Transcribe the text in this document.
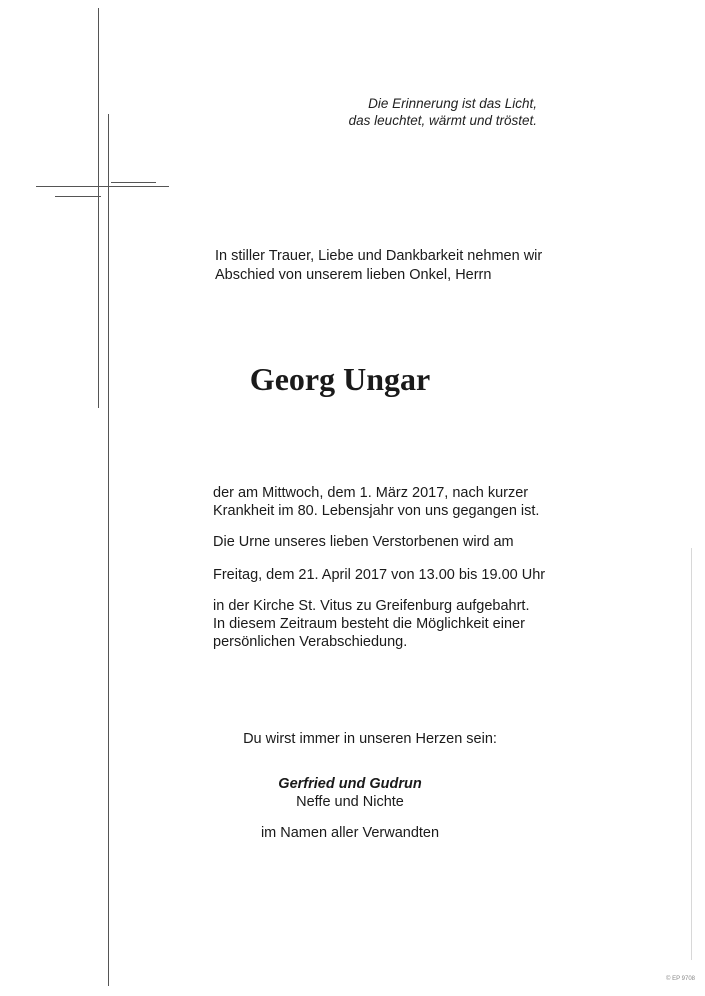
Die Erinnerung ist das Licht,
das leuchtet, wärmt und tröstet.
In stiller Trauer, Liebe und Dankbarkeit nehmen wir
Abschied von unserem lieben Onkel, Herrn
Georg Ungar
der am Mittwoch, dem 1. März 2017, nach kurzer
Krankheit im 80. Lebensjahr von uns gegangen ist.
Die Urne unseres lieben Verstorbenen wird am
Freitag, dem 21. April 2017 von 13.00 bis 19.00 Uhr
in der Kirche St. Vitus zu Greifenburg aufgebahrt.
In diesem Zeitraum besteht die Möglichkeit einer
persönlichen Verabschiedung.
Du wirst immer in unseren Herzen sein:
Gerfried und Gudrun
Neffe und Nichte
im Namen aller Verwandten
© EP 9708
